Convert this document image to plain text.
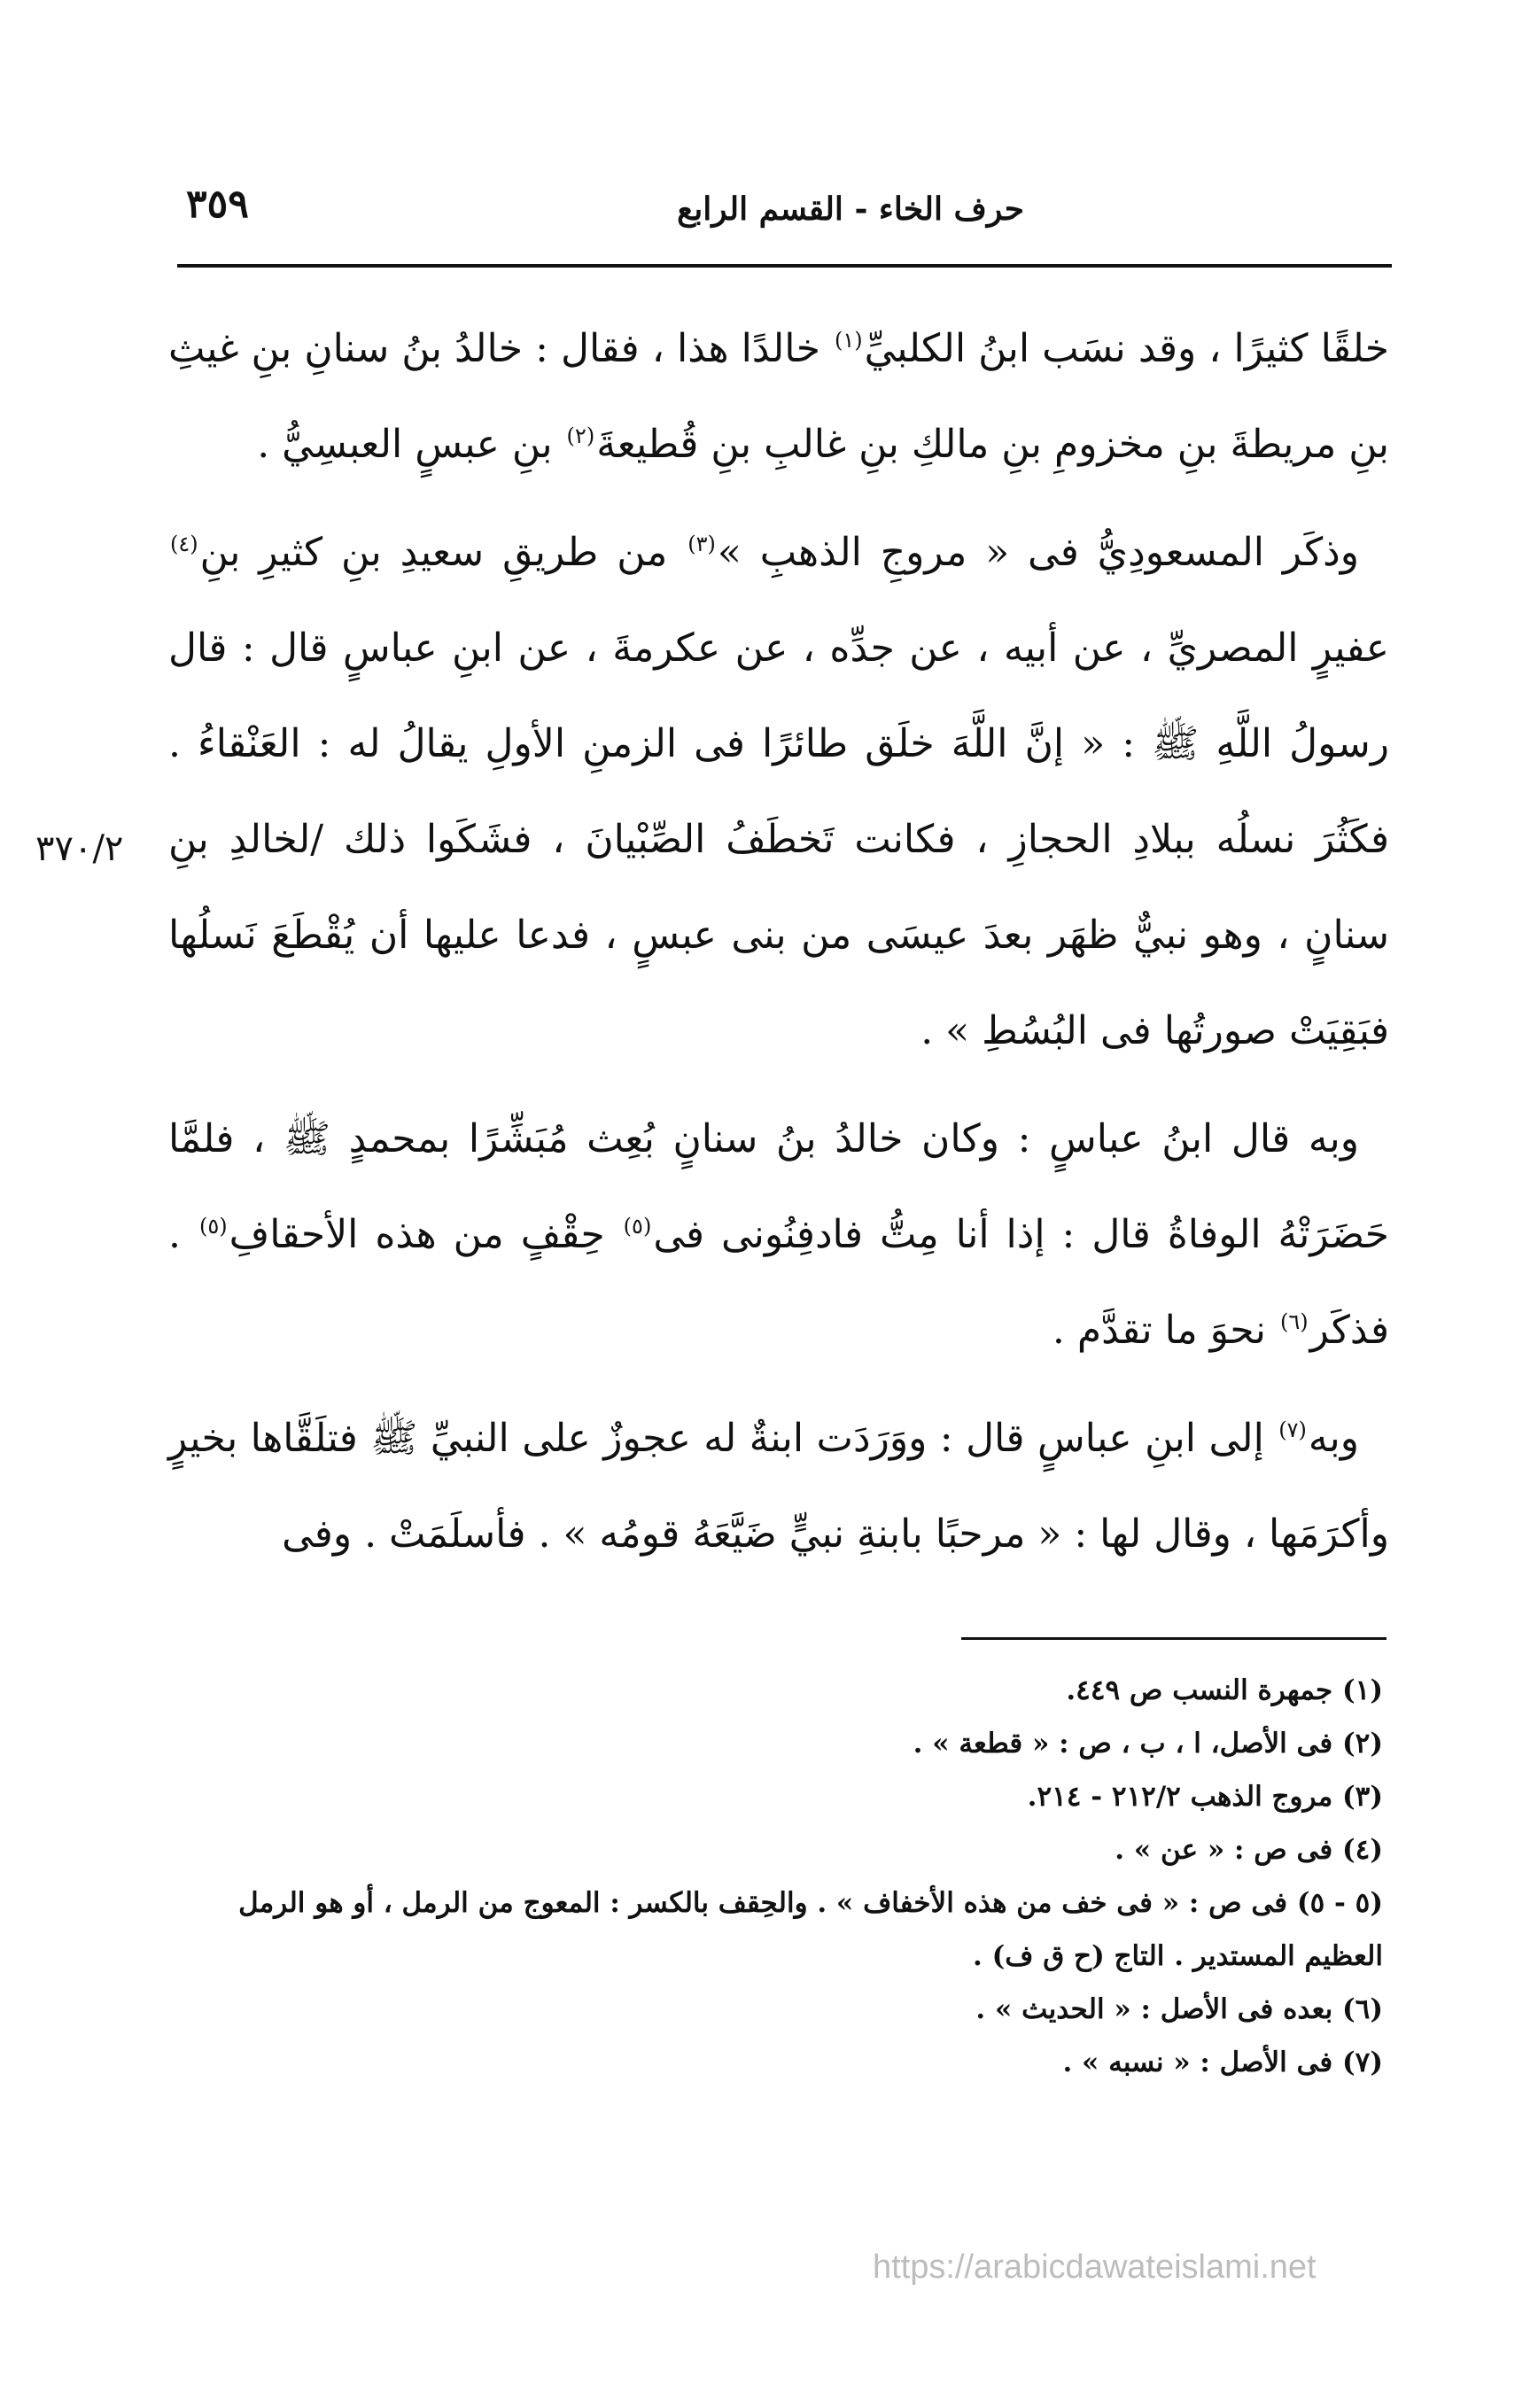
حرف الخاء - القسم الرابع
٣٥٩
٣٧٠/٢

خلقًا كثيرًا ، وقد نسَب ابنُ الكلبيِّ$^{(١)}$ خالدًا هذا ، فقال : خالدُ بنُ سنانِ بنِ غيثِ بنِ مريطةَ بنِ مخزومِ بنِ مالكِ بنِ غالبِ بنِ قُطيعةَ$^{(٢)}$ بنِ عبسٍ العبسِيُّ .

وذكَر المسعودِيُّ فى « مروجِ الذهبِ »$^{(٣)}$ من طريقِ سعيدِ بنِ كثيرِ بنِ$^{(٤)}$ عفيرٍ المصريِّ ، عن أبيه ، عن جدِّه ، عن عكرمةَ ، عن ابنِ عباسٍ قال : قال رسولُ اللَّهِ ﷺ : « إنَّ اللَّهَ خلَق طائرًا فى الزمنِ الأولِ يقالُ له : العَنْقاءُ . فكَثُرَ نسلُه ببلادِ الحجازِ ، فكانت تَخطَفُ الصِّبْيانَ ، فشَكَوا ذلك /لخالدِ بنِ سنانٍ ، وهو نبيٌّ ظهَر بعدَ عيسَى من بنى عبسٍ ، فدعا عليها أن يُقْطَعَ نَسلُها فبَقِيَتْ صورتُها فى البُسُطِ » .

وبه قال ابنُ عباسٍ : وكان خالدُ بنُ سنانٍ بُعِث مُبَشِّرًا بمحمدٍ ﷺ ، فلمَّا حَضَرَتْهُ الوفاةُ قال : إذا أنا مِتُّ فادفِنُونى فى$^{(٥)}$ حِقْفٍ من هذه الأحقافِ$^{(٥)}$ . فذكَر$^{(٦)}$ نحوَ ما تقدَّم .

وبه$^{(٧)}$ إلى ابنِ عباسٍ قال : ووَرَدَت ابنةٌ له عجوزٌ على النبيِّ ﷺ فتلَقَّاها بخيرٍ وأكرَمَها ، وقال لها : « مرحبًا بابنةِ نبيٍّ ضَيَّعَهُ قومُه » . فأسلَمَتْ . وفى

(١) جمهرة النسب ص ٤٤٩.

(٢) فى الأصل، ا ، ب ، ص : « قطعة » .

(٣) مروج الذهب ٢١٢/٢ - ٢١٤.

(٤) فى ص : « عن » .

(٥ - ٥) فى ص : « فى خف من هذه الأخفاف » . والحِقف بالكسر : المعوج من الرمل ، أو هو الرمل العظيم المستدير . التاج (ح ق ف) .

(٦) بعده فى الأصل : « الحديث » .

(٧) فى الأصل : « نسبه » .

https://arabicdawateislami.net
